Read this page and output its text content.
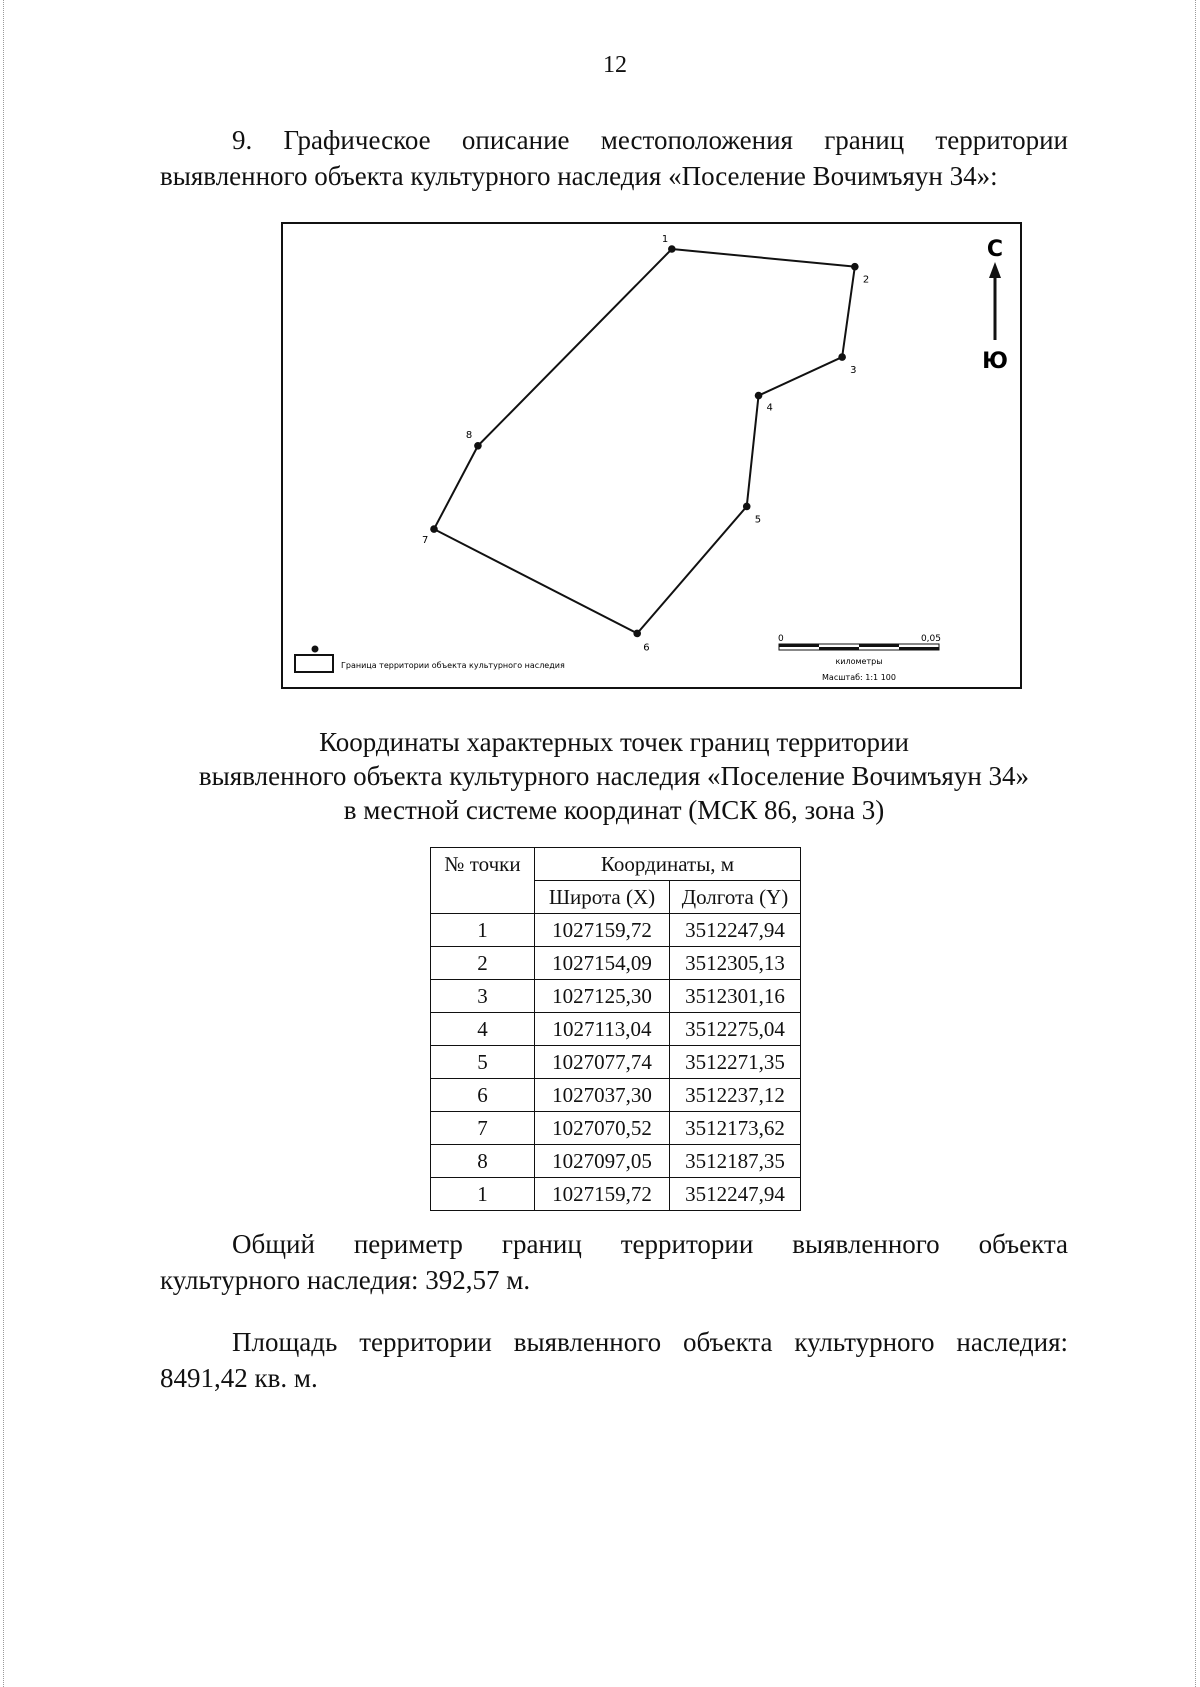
12
9. Графическое описание местоположения границ территории
выявленного объекта культурного наследия «Поселение Вочимъяун 34»:
1
2
3
4
5
6
7
8
С
Ю
Граница территории объекта культурного наследия
0	0,05
километры
Масштаб: 1:1 100
Координаты характерных точек границ территории
выявленного объекта культурного наследия «Поселение Вочимъяун 34»
в местной системе координат (МСК 86, зона 3)
№ точки	Координаты, м	
	Широта (X)	Долгота (Y)
1	1027159,72	3512247,94
2	1027154,09	3512305,13
3	1027125,30	3512301,16
4	1027113,04	3512275,04
5	1027077,74	3512271,35
6	1027037,30	3512237,12
7	1027070,52	3512173,62
8	1027097,05	3512187,35
1	1027159,72	3512247,94
Общий периметр границ территории выявленного объекта
культурного наследия: 392,57 м.
Площадь территории выявленного объекта культурного наследия:
8491,42 кв. м.
